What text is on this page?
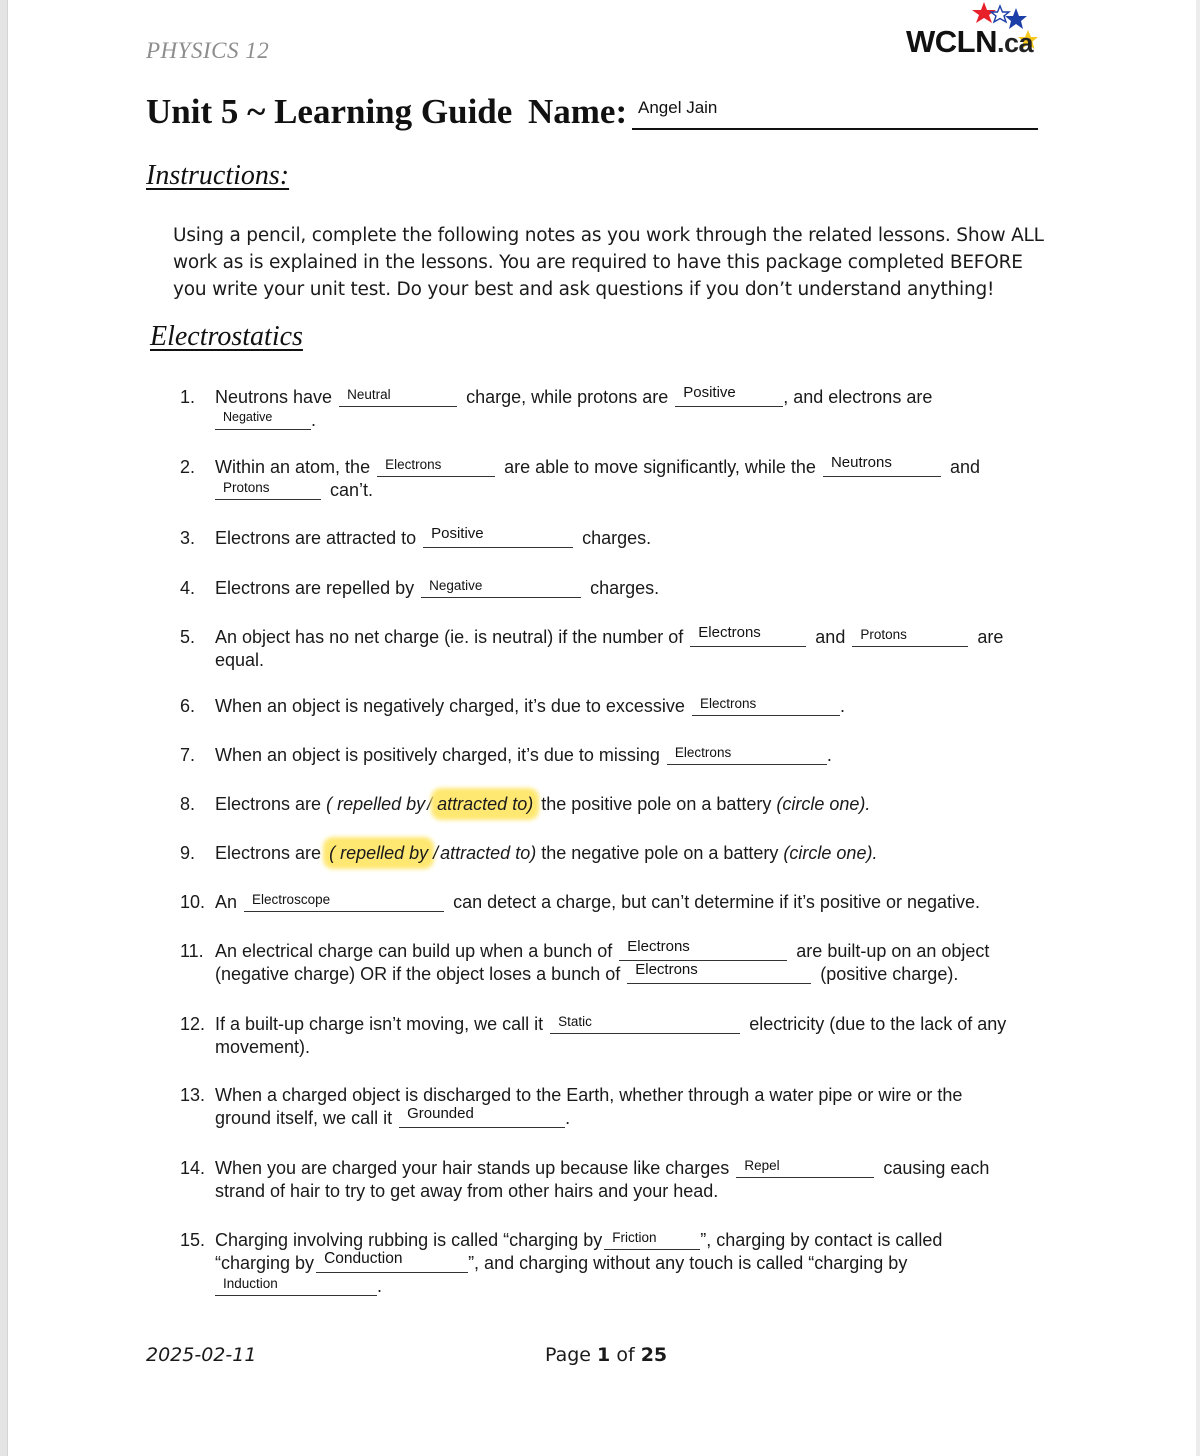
PHYSICS 12	WCLN.ca
Unit 5 ~ Learning Guide Name: Angel Jain
Instructions:
Using a pencil, complete the following notes as you work through the related lessons. Show ALL work as is explained in the lessons. You are required to have this package completed BEFORE you write your unit test. Do your best and ask questions if you don’t understand anything!
Electrostatics
1.	Neutrons have Neutral	charge, while protons are Positive	, and electrons are
Negative .
2.	Within an atom, the Electrons	are able to move significantly, while the Neutrons	and
Protons	can’t.
3.	Electrons are attracted to Positive	charges.
4.	Electrons are repelled by Negative	charges.
5.	An object has no net charge (ie. is neutral) if the number of Electrons	and Protons	are
equal.
6.	When an object is negatively charged, it’s due to excessive Electrons	.
7.	When an object is positively charged, it’s due to missing Electrons	.
8.	Electrons are ( repelled by / attracted to) the positive pole on a battery (circle one).
9.	Electrons are ( repelled by / attracted to) the negative pole on a battery (circle one).
10. An Electroscope	can detect a charge, but can’t determine if it’s positive or negative.
11. An electrical charge can build up when a bunch of Electrons	are built-up on an object
(negative charge) OR if the object loses a bunch of Electrons	(positive charge).
12. If a built-up charge isn’t moving, we call it Static	electricity (due to the lack of any
movement).
13. When a charged object is discharged to the Earth, whether through a water pipe or wire or the
ground itself, we call it Grounded	.
14. When you are charged your hair stands up because like charges Repel	causing each
strand of hair to try to get away from other hairs and your head.
15. Charging involving rubbing is called “charging by Friction ”, charging by contact is called
“charging by Conduction	”, and charging without any touch is called “charging by
Induction	.
2025-02-11	Page 1 of 25
